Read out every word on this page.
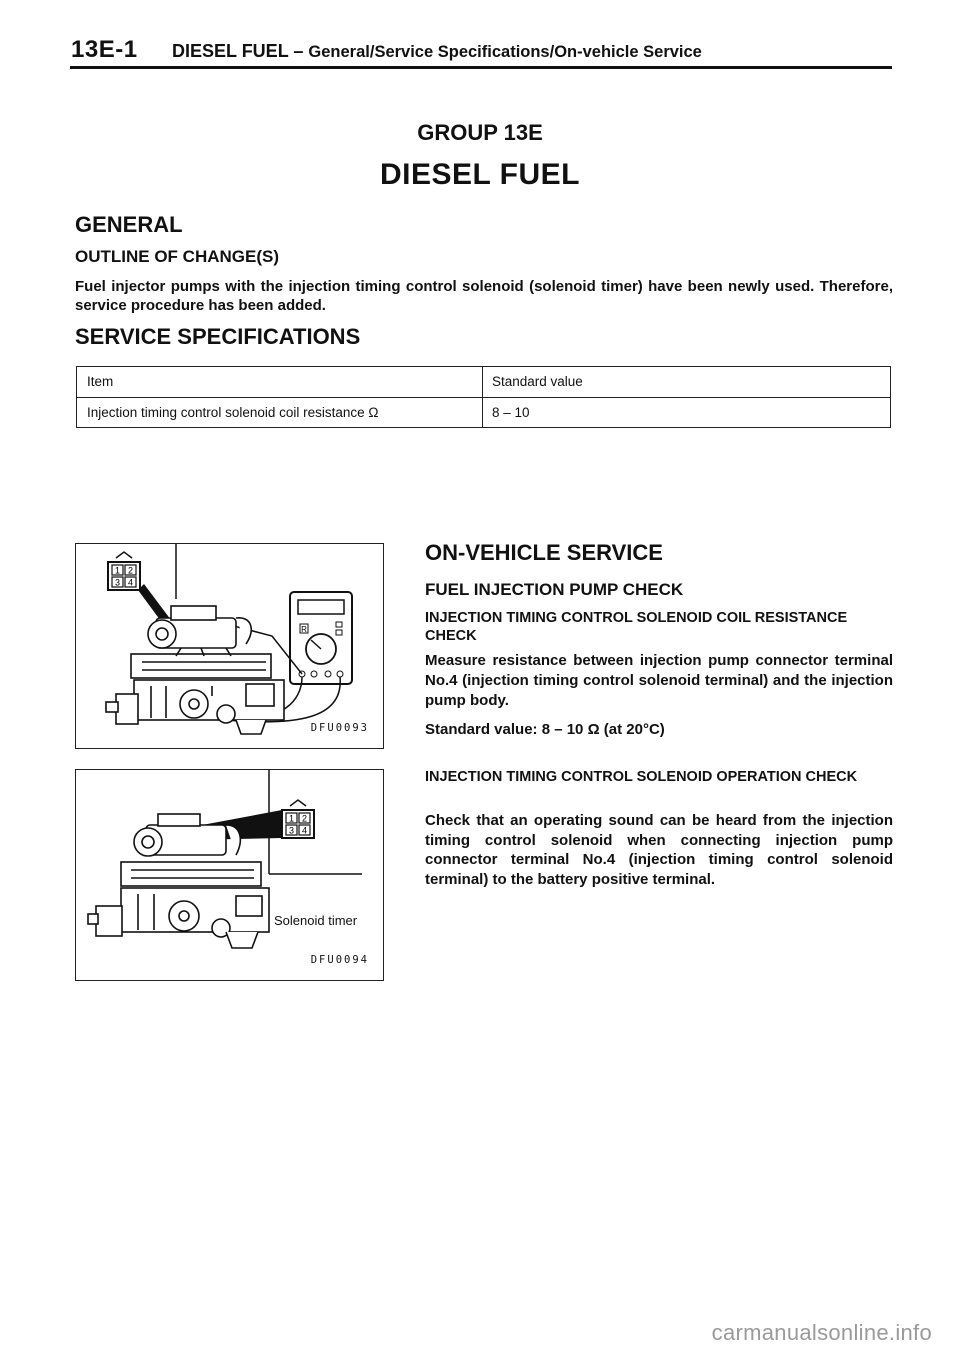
13E-1 DIESEL FUEL – General/Service Specifications/On-vehicle Service
GROUP 13E
DIESEL FUEL
GENERAL
OUTLINE OF CHANGE(S)
Fuel injector pumps with the injection timing control solenoid (solenoid timer) have been newly used. Therefore, service procedure has been added.
SERVICE SPECIFICATIONS
Item	Standard value
Injection timing control solenoid coil resistance Ω	8 – 10
1 2
3 4
R
DFU0093
1 2
3 4
Solenoid timer
DFU0094
ON-VEHICLE SERVICE
FUEL INJECTION PUMP CHECK
INJECTION TIMING CONTROL SOLENOID COIL RESISTANCE CHECK
Measure resistance between injection pump connector terminal No.4 (injection timing control solenoid terminal) and the injection pump body.
Standard value: 8 – 10 Ω (at 20°C)
INJECTION TIMING CONTROL SOLENOID OPERATION CHECK
Check that an operating sound can be heard from the injection timing control solenoid when connecting injection pump connector terminal No.4 (injection timing control solenoid terminal) to the battery positive terminal.
carmanualsonline.info
